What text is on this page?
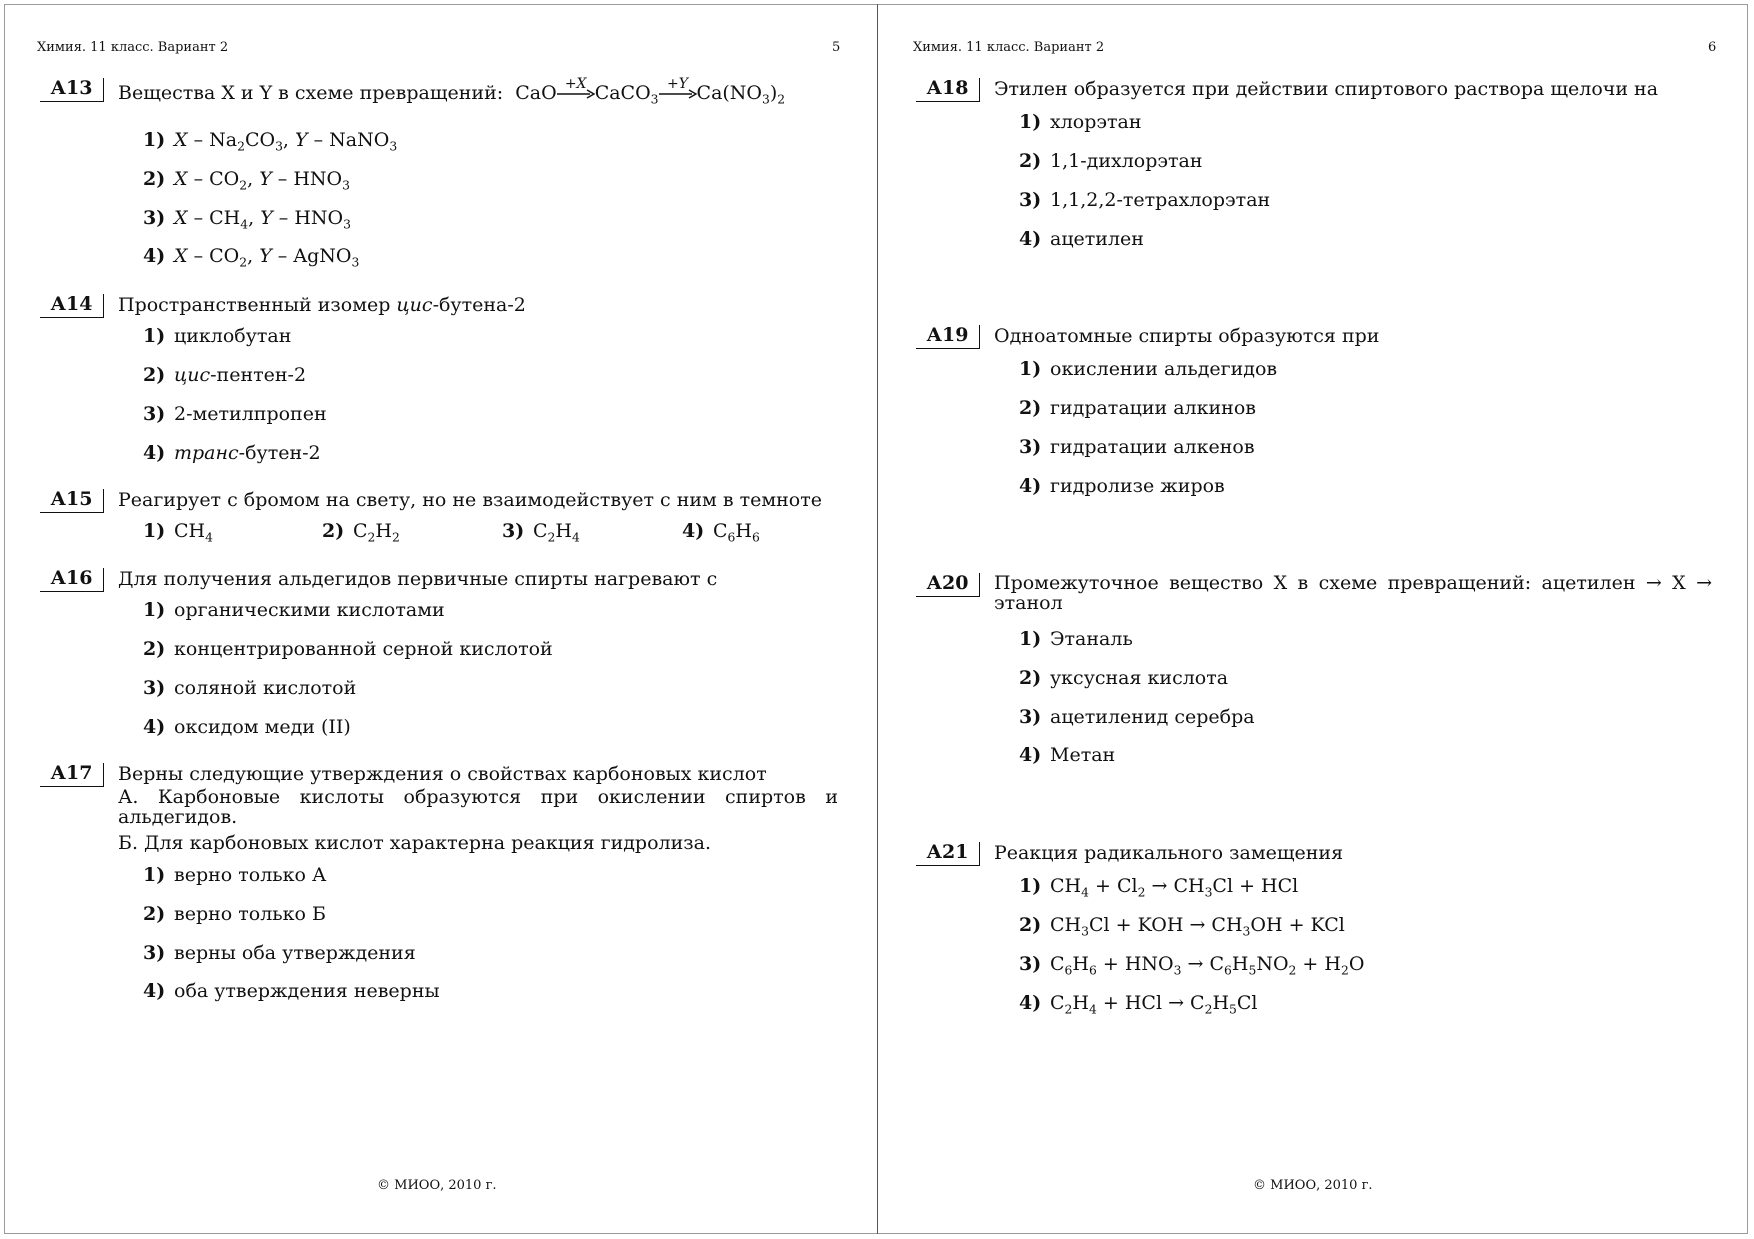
Химия. 11 класс. Вариант 2	5
А13	Вещества X и Y в схеме превращений: CaO +X CaCO$_3$
+Y $Ca(NO_3)_2$
1) X – $Na_2CO_3$, Y – NaNO$_3$
2) X – $CO_2$, Y – $HNO_3$
3) X – $CH_4$, Y – $HNO_3$
4) X – $CO_2$, Y – AgNO$_3$
А14	Пространственный изомер цис-бутена-2
1) циклобутан
2) цис-пентен-2
3) 2-метилпропен
4) транс-бутен-2
А15	Реагирует с бромом на свету, но не взаимодействует с ним в темноте
1) $CH_4$	2) $C_2H_2$	3) $C_2H_4$	4) $C_6H_6$
А16	Для получения альдегидов первичные спирты нагревают с
1) органическими кислотами
2) концентрированной серной кислотой
3) соляной кислотой
4) оксидом меди (II)
А17	Верны следующие утверждения о свойствах карбоновых кислот
А. Карбоновые кислоты образуются при окислении спиртов и альдегидов.
Б. Для карбоновых кислот характерна реакция гидролиза.
1) верно только А
2) верно только Б
3) верны оба утверждения
4) оба утверждения неверны
© МИОО, 2010 г.
Химия. 11 класс. Вариант 2	6
А18	Этилен образуется при действии спиртового раствора щелочи на
1) хлорэтан
2) 1,1-дихлорэтан
3) 1,1,2,2-тетрахлорэтан
4) ацетилен
А19	Одноатомные спирты образуются при
1) окислении альдегидов
2) гидратации алкинов
3) гидратации алкенов
4) гидролизе жиров
А20	Промежуточное вещество X в схеме превращений: ацетилен → X → этанол
1) Этаналь
2) уксусная кислота
3) ацетиленид серебра
4) Метан
А21	Реакция радикального замещения
1) $CH_4 + Cl_2 \to CH_3Cl$ + HCl
2) $CH_3Cl$ + KOH → $CH_3OH$ + KCl
3) $C_6H_6 + HNO_3 \to C_6H_5NO_2 + H_2O$
4) $C_2H_4$ + HCl → $C_2H_5Cl$
© МИОО, 2010 г.
